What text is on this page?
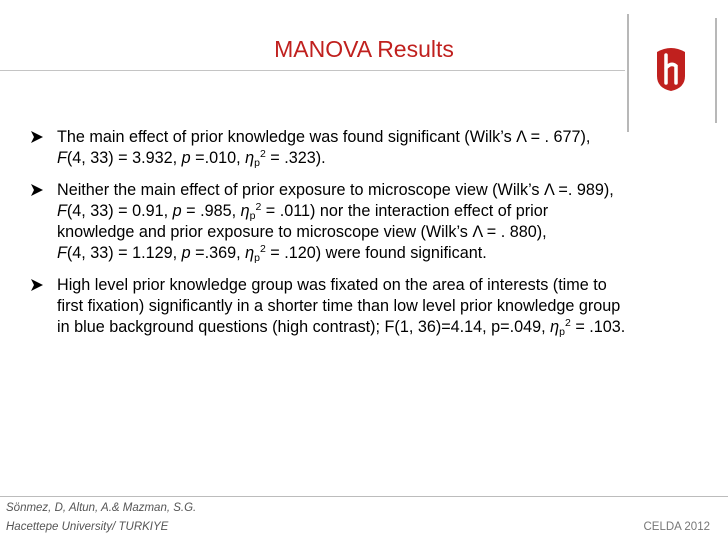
MANOVA Results
The main effect of prior knowledge was found significant (Wilk’s Λ = . 677),
F(4, 33) = 3.932, p =.010, $\eta_p^2 = .323$).
Neither the main effect of prior exposure to microscope view (Wilk’s Λ =. 989),
F(4, 33) = 0.91, p = .985, $\eta_p^2 = .011$) nor the interaction effect of prior
knowledge and prior exposure to microscope view (Wilk’s Λ = . 880),
F(4, 33) = 1.129, p =.369, $\eta_p^2 = .120$) were found significant.
High level prior knowledge group was fixated on the area of interests (time to
first fixation) significantly in a shorter time than low level prior knowledge group
in blue background questions (high contrast); F(1, 36)=4.14, p=.049, $\eta_p^2 = .103$.
Sönmez, D, Altun, A.& Mazman, S.G.
Hacettepe University/ TURKIYE	CELDA 2012
